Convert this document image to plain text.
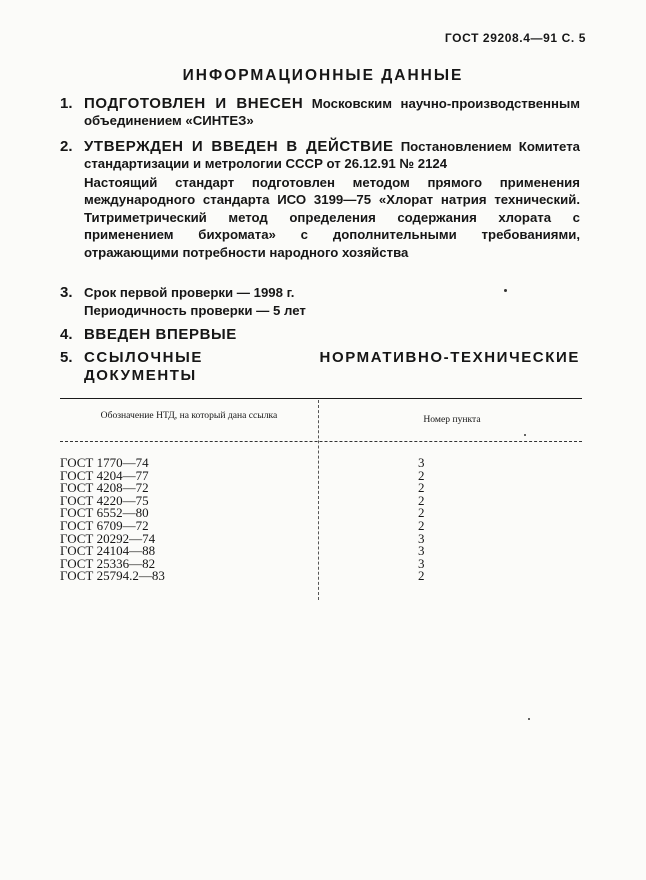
ГОСТ 29208.4—91 С. 5
ИНФОРМАЦИОННЫЕ ДАННЫЕ
1. ПОДГОТОВЛЕН И ВНЕСЕН Московским научно-производственным объединением «СИНТЕЗ»
2. УТВЕРЖДЕН И ВВЕДЕН В ДЕЙСТВИЕ Постановлением Комитета стандартизации и метрологии СССР от 26.12.91 № 2124
Настоящий стандарт подготовлен методом прямого применения международного стандарта ИСО 3199—75 «Хлорат натрия технический. Титриметрический метод определения содержания хлората с применением бихромата» с дополнительными требованиями, отражающими потребности народного хозяйства
3. Срок первой проверки — 1998 г.
Периодичность проверки — 5 лет
4. ВВЕДЕН ВПЕРВЫЕ
5. ССЫЛОЧНЫЕ НОРМАТИВНО-ТЕХНИЧЕСКИЕ ДОКУМЕНТЫ
Обозначение НТД, на который дана ссылка	Номер пункта
ГОСТ 1770—74	3
ГОСТ 4204—77	2
ГОСТ 4208—72	2
ГОСТ 4220—75	2
ГОСТ 6552—80	2
ГОСТ 6709—72	2
ГОСТ 20292—74	3
ГОСТ 24104—88	3
ГОСТ 25336—82	3
ГОСТ 25794.2—83	2
